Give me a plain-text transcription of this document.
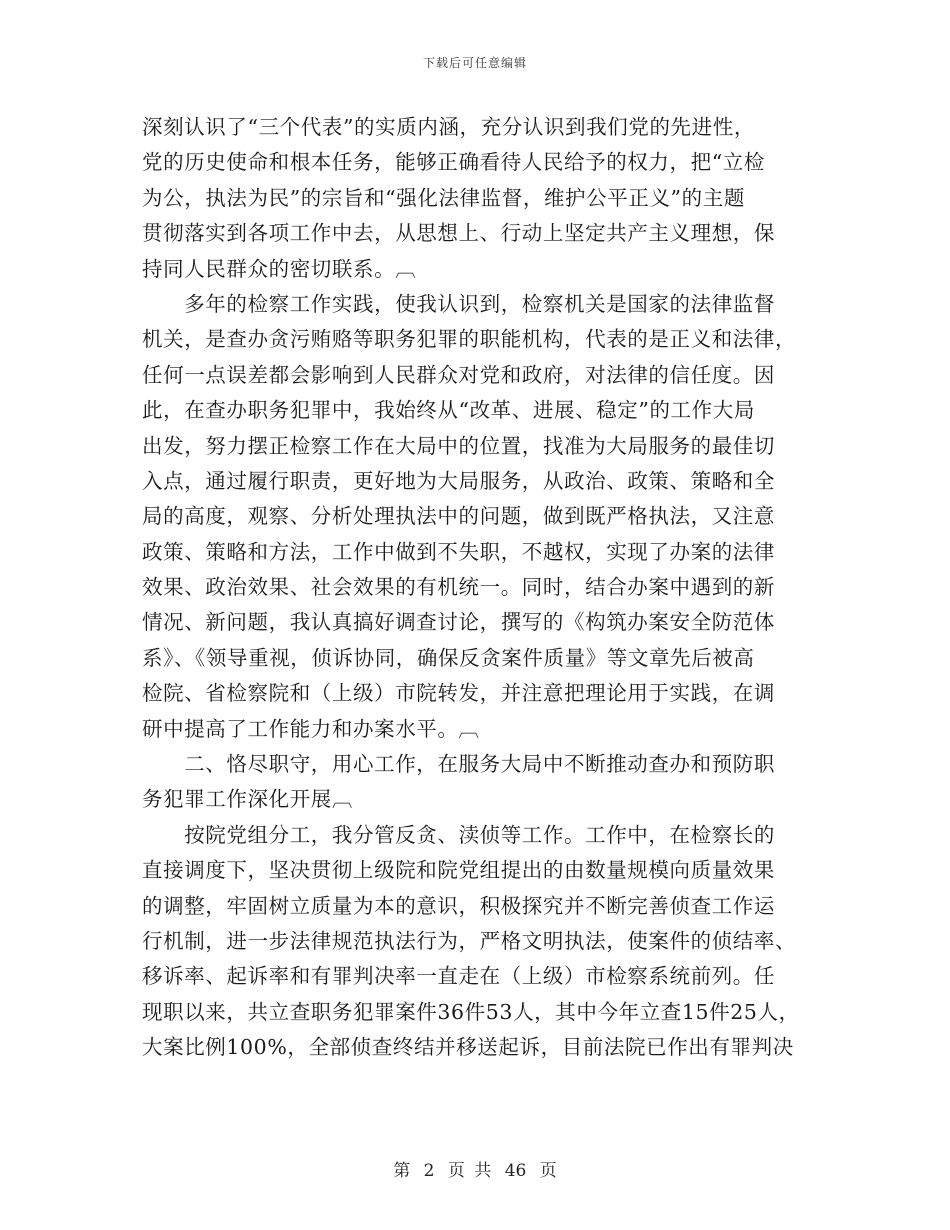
下载后可任意编辑
深刻认识了“三个代表”的实质内涵，充分认识到我们党的先进性，
党的历史使命和根本任务，能够正确看待人民给予的权力，把“立检
为公，执法为民”的宗旨和“强化法律监督，维护公平正义”的主题
贯彻落实到各项工作中去，从思想上、行动上坚定共产主义理想，保
持同人民群众的密切联系。︹
　　多年的检察工作实践，使我认识到，检察机关是国家的法律监督
机关，是查办贪污贿赂等职务犯罪的职能机构，代表的是正义和法律，
任何一点误差都会影响到人民群众对党和政府，对法律的信任度。因
此，在查办职务犯罪中，我始终从“改革、进展、稳定”的工作大局
出发，努力摆正检察工作在大局中的位置，找准为大局服务的最佳切
入点，通过履行职责，更好地为大局服务，从政治、政策、策略和全
局的高度，观察、分析处理执法中的问题，做到既严格执法，又注意
政策、策略和方法，工作中做到不失职，不越权，实现了办案的法律
效果、政治效果、社会效果的有机统一。同时，结合办案中遇到的新
情况、新问题，我认真搞好调查讨论，撰写的《构筑办案安全防范体
系》、《领导重视，侦诉协同，确保反贪案件质量》等文章先后被高
检院、省检察院和（上级）市院转发，并注意把理论用于实践，在调
研中提高了工作能力和办案水平。︹
　　二、恪尽职守，用心工作，在服务大局中不断推动查办和预防职
务犯罪工作深化开展︹
　　按院党组分工，我分管反贪、渎侦等工作。工作中，在检察长的
直接调度下，坚决贯彻上级院和院党组提出的由数量规模向质量效果
的调整，牢固树立质量为本的意识，积极探究并不断完善侦查工作运
行机制，进一步法律规范执法行为，严格文明执法，使案件的侦结率、
移诉率、起诉率和有罪判决率一直走在（上级）市检察系统前列。任
现职以来，共立查职务犯罪案件36件53人，其中今年立查15件25人，
大案比例100%，全部侦查终结并移送起诉，目前法院已作出有罪判决
第 2 页 共 46 页
